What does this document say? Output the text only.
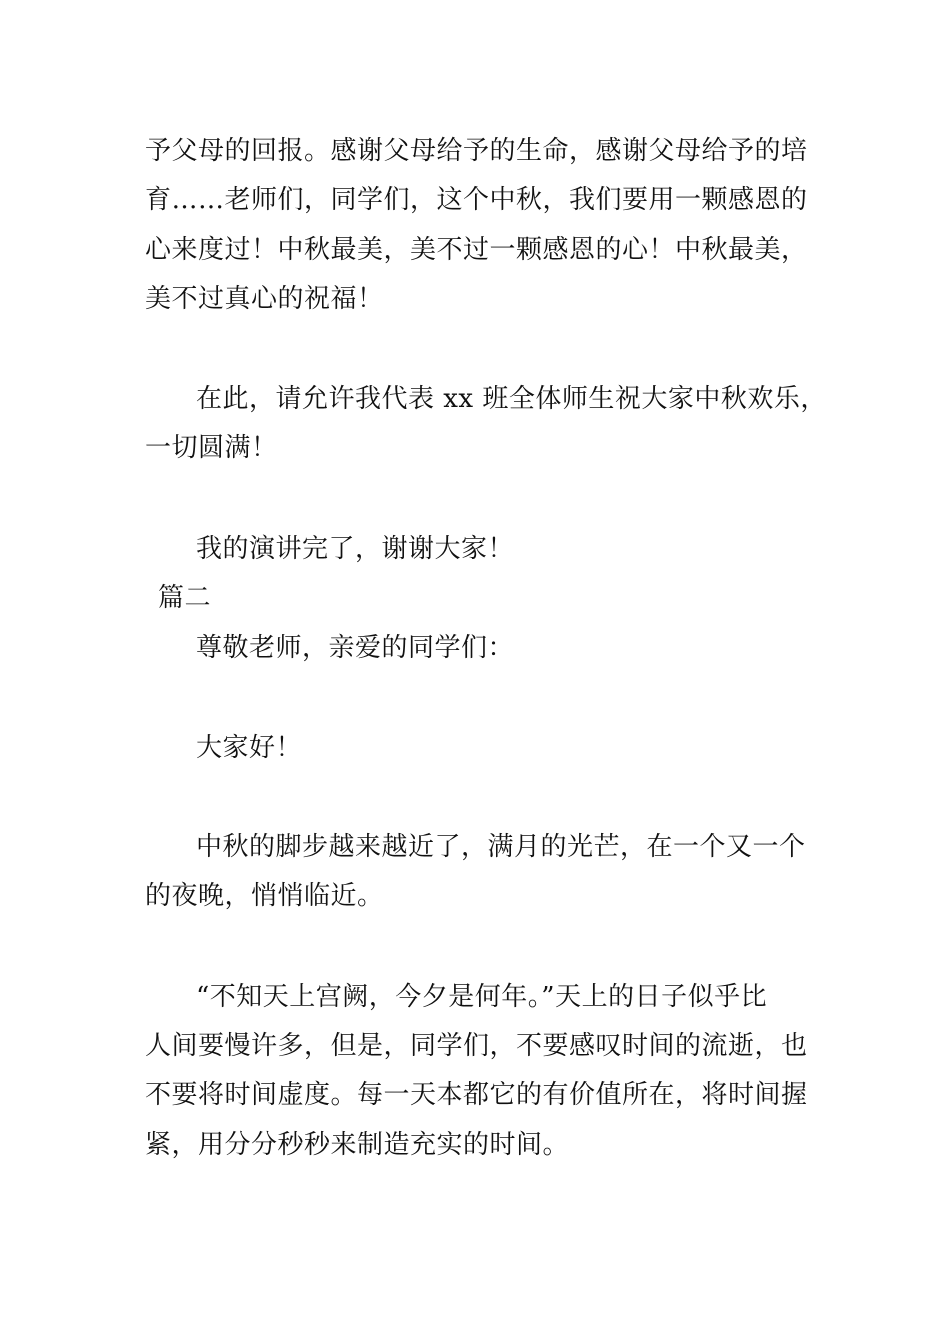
予父母的回报。感谢父母给予的生命，感谢父母给予的培
育……老师们，同学们，这个中秋，我们要用一颗感恩的
心来度过！中秋最美，美不过一颗感恩的心！中秋最美，
美不过真心的祝福！
在此，请允许我代表 xx 班全体师生祝大家中秋欢乐，
一切圆满！
我的演讲完了，谢谢大家！
篇二
尊敬老师，亲爱的同学们：
大家好！
中秋的脚步越来越近了，满月的光芒，在一个又一个
的夜晚，悄悄临近。
“不知天上宫阙，今夕是何年。”天上的日子似乎比
人间要慢许多，但是，同学们，不要感叹时间的流逝，也
不要将时间虚度。每一天本都它的有价值所在，将时间握
紧，用分分秒秒来制造充实的时间。
